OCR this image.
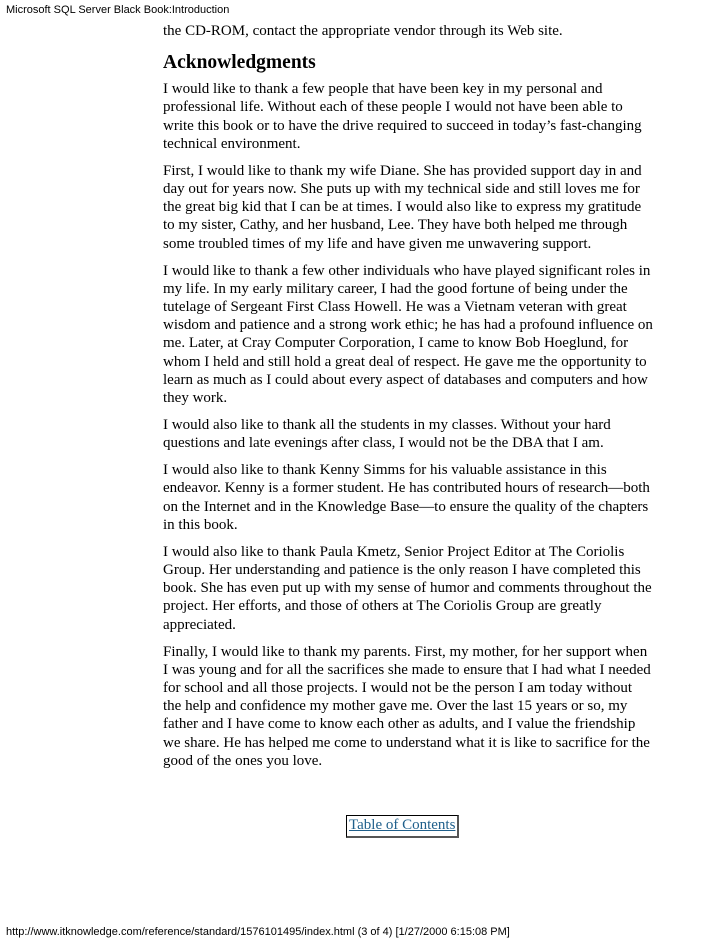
Microsoft SQL Server Black Book:Introduction

the CD-ROM, contact the appropriate vendor through its Web site.

Acknowledgments

I would like to thank a few people that have been key in my personal and professional life. Without each of these people I would not have been able to write this book or to have the drive required to succeed in today’s fast-changing technical environment.

First, I would like to thank my wife Diane. She has provided support day in and day out for years now. She puts up with my technical side and still loves me for the great big kid that I can be at times. I would also like to express my gratitude to my sister, Cathy, and her husband, Lee. They have both helped me through some troubled times of my life and have given me unwavering support.

I would like to thank a few other individuals who have played significant roles in my life. In my early military career, I had the good fortune of being under the tutelage of Sergeant First Class Howell. He was a Vietnam veteran with great wisdom and patience and a strong work ethic; he has had a profound influence on me. Later, at Cray Computer Corporation, I came to know Bob Hoeglund, for whom I held and still hold a great deal of respect. He gave me the opportunity to learn as much as I could about every aspect of databases and computers and how they work.

I would also like to thank all the students in my classes. Without your hard questions and late evenings after class, I would not be the DBA that I am.

I would also like to thank Kenny Simms for his valuable assistance in this endeavor. Kenny is a former student. He has contributed hours of research—both on the Internet and in the Knowledge Base—to ensure the quality of the chapters in this book.

I would also like to thank Paula Kmetz, Senior Project Editor at The Coriolis Group. Her understanding and patience is the only reason I have completed this book. She has even put up with my sense of humor and comments throughout the project. Her efforts, and those of others at The Coriolis Group are greatly appreciated.

Finally, I would like to thank my parents. First, my mother, for her support when I was young and for all the sacrifices she made to ensure that I had what I needed for school and all those projects. I would not be the person I am today without the help and confidence my mother gave me. Over the last 15 years or so, my father and I have come to know each other as adults, and I value the friendship we share. He has helped me come to understand what it is like to sacrifice for the good of the ones you love.

Table of Contents
http://www.itknowledge.com/reference/standard/1576101495/index.html (3 of 4) [1/27/2000 6:15:08 PM]
